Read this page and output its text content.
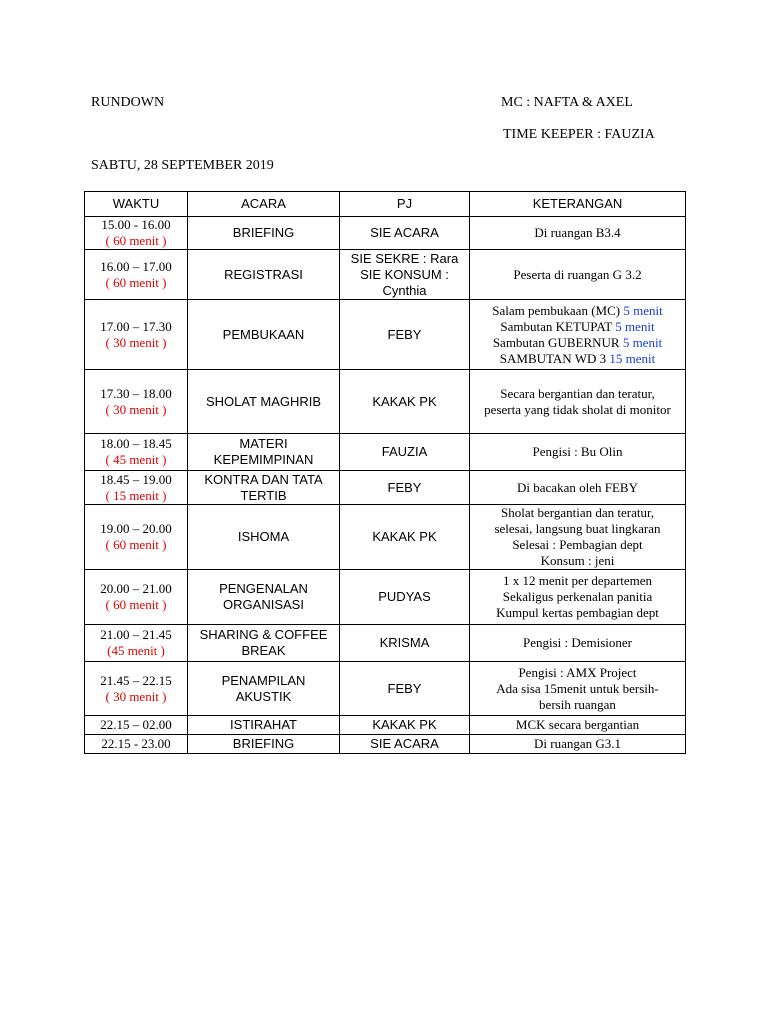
RUNDOWN	MC : NAFTA & AXEL
TIME KEEPER : FAUZIA
SABTU, 28 SEPTEMBER 2019
WAKTU	ACARA	PJ	KETERANGAN

15.00 - 16.00
( 60 menit )	BRIEFING	SIE ACARA	Di ruangan B3.4

16.00 – 17.00
( 60 menit )	REGISTRASI	SIE SEKRE : Rara
SIE KONSUM :
Cynthia	Peserta di ruangan G 3.2

17.00 – 17.30
( 30 menit )	PEMBUKAAN	FEBY	Salam pembukaan (MC) 5 menit
Sambutan KETUPAT 5 menit
Sambutan GUBERNUR 5 menit
SAMBUTAN WD 3 15 menit

17.30 – 18.00
( 30 menit )	SHOLAT MAGHRIB	KAKAK PK	Secara bergantian dan teratur,
peserta yang tidak sholat di monitor

18.00 – 18.45
( 45 menit )	MATERI
KEPEMIMPINAN	FAUZIA	Pengisi : Bu Olin

18.45 – 19.00
( 15 menit )	KONTRA DAN TATA
TERTIB	FEBY	Di bacakan oleh FEBY

19.00 – 20.00
( 60 menit )	ISHOMA	KAKAK PK	Sholat bergantian dan teratur,
selesai, langsung buat lingkaran
Selesai : Pembagian dept
Konsum : jeni

20.00 – 21.00
( 60 menit )	PENGENALAN
ORGANISASI	PUDYAS	1 x 12 menit per departemen
Sekaligus perkenalan panitia
Kumpul kertas pembagian dept

21.00 – 21.45
(45 menit )	SHARING & COFFEE
BREAK	KRISMA	Pengisi : Demisioner

21.45 – 22.15
( 30 menit )	PENAMPILAN
AKUSTIK	FEBY	Pengisi : AMX Project
Ada sisa 15menit untuk bersih-
bersih ruangan

22.15 – 02.00	ISTIRAHAT	KAKAK PK	MCK secara bergantian

22.15 - 23.00	BRIEFING	SIE ACARA	Di ruangan G3.1
